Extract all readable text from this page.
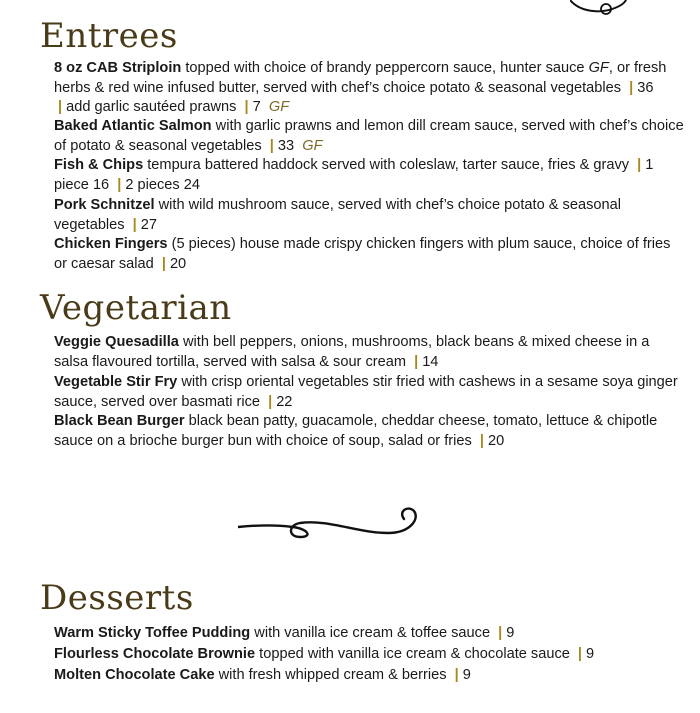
Entrees

8 oz CAB Striploin topped with choice of brandy peppercorn sauce, hunter sauce GF, or fresh herbs & red wine infused butter, served with chef’s choice potato & seasonal vegetables | 36 | add garlic sautéed prawns | 7 GF

Baked Atlantic Salmon with garlic prawns and lemon dill cream sauce, served with chef’s choice of potato & seasonal vegetables | 33 GF

Fish & Chips tempura battered haddock served with coleslaw, tarter sauce, fries & gravy | 1 piece 16 | 2 pieces 24

Pork Schnitzel with wild mushroom sauce, served with chef’s choice potato & seasonal vegetables | 27

Chicken Fingers (5 pieces) house made crispy chicken fingers with plum sauce, choice of fries or caesar salad | 20

Vegetarian

Veggie Quesadilla with bell peppers, onions, mushrooms, black beans & mixed cheese in a salsa flavoured tortilla, served with salsa & sour cream | 14

Vegetable Stir Fry with crisp oriental vegetables stir fried with cashews in a sesame soya ginger sauce, served over basmati rice | 22

Black Bean Burger black bean patty, guacamole, cheddar cheese, tomato, lettuce & chipotle sauce on a brioche burger bun with choice of soup, salad or fries | 20

Desserts

Warm Sticky Toffee Pudding with vanilla ice cream & toffee sauce | 9

Flourless Chocolate Brownie topped with vanilla ice cream & chocolate sauce | 9

Molten Chocolate Cake with fresh whipped cream & berries | 9
